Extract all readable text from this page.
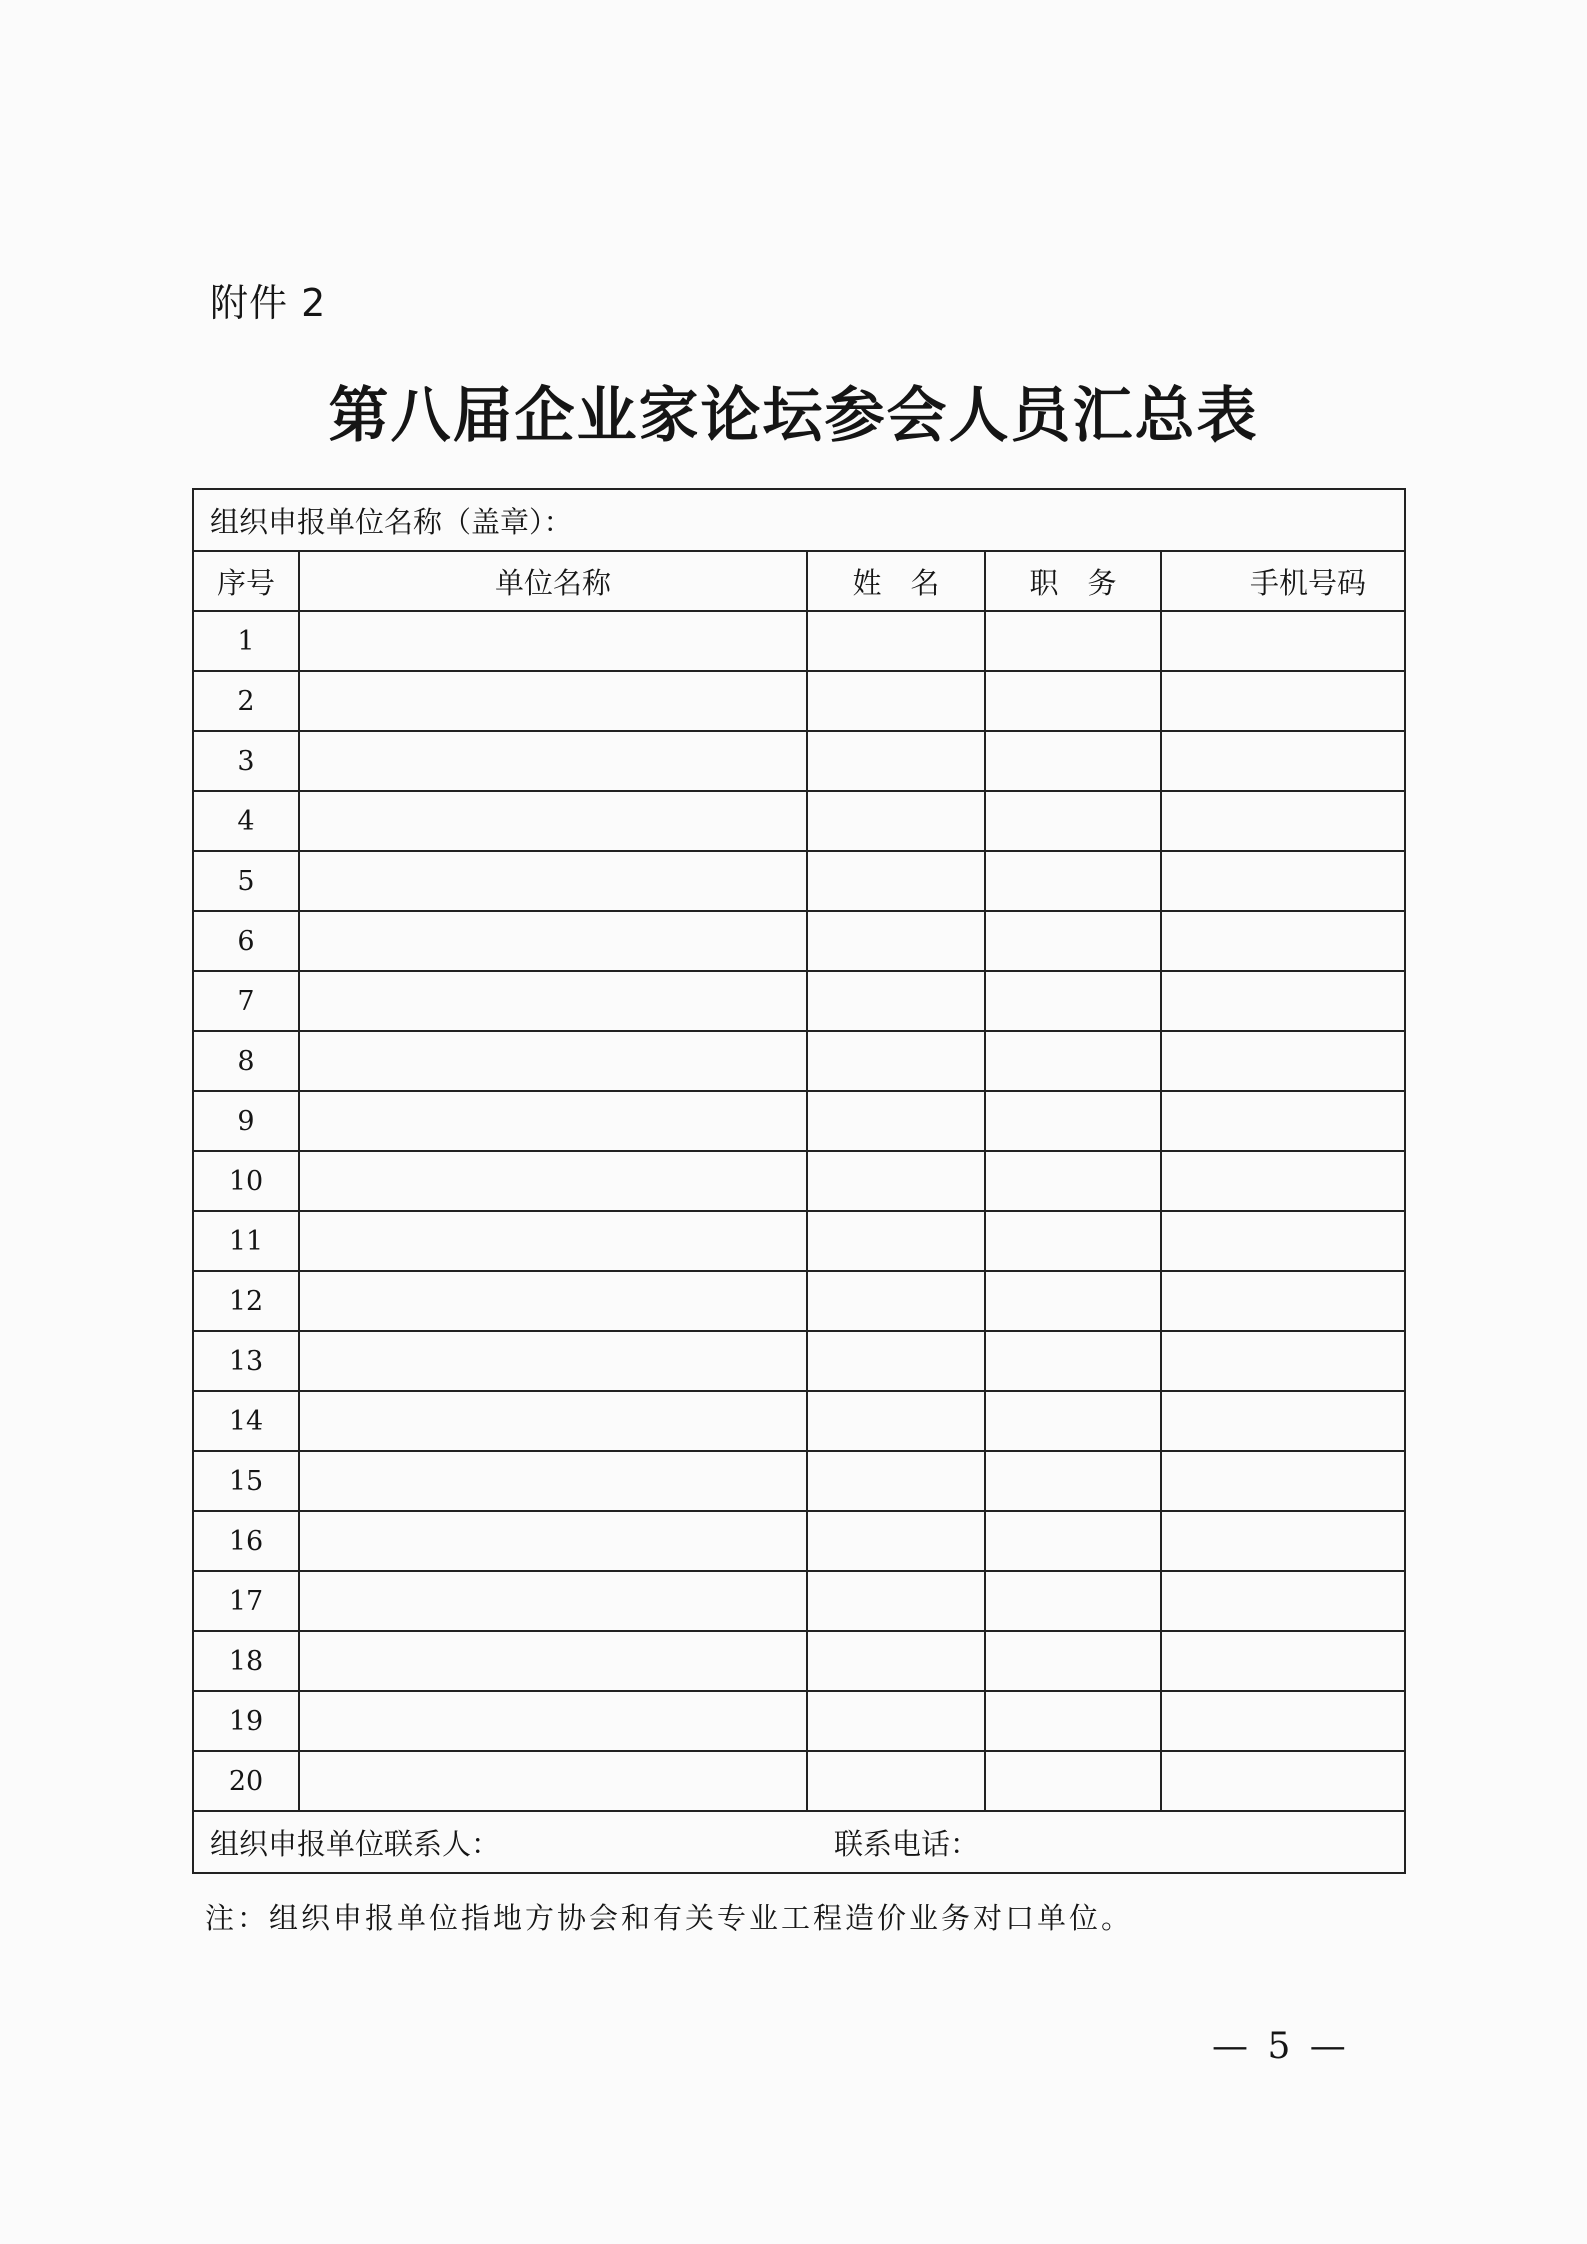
附件 2
第八届企业家论坛参会人员汇总表
组织申报单位名称（盖章）：				
序号	单位名称	姓　名	职　务	手机号码
1				
2				
3				
4				
5				
6				
7				
8				
9				
10				
11				
12				
13				
14				
15				
16				
17				
18				
19				
20				
组织申报单位联系人： 联系电话：				
注：组织申报单位指地方协会和有关专业工程造价业务对口单位。
— 5 —
